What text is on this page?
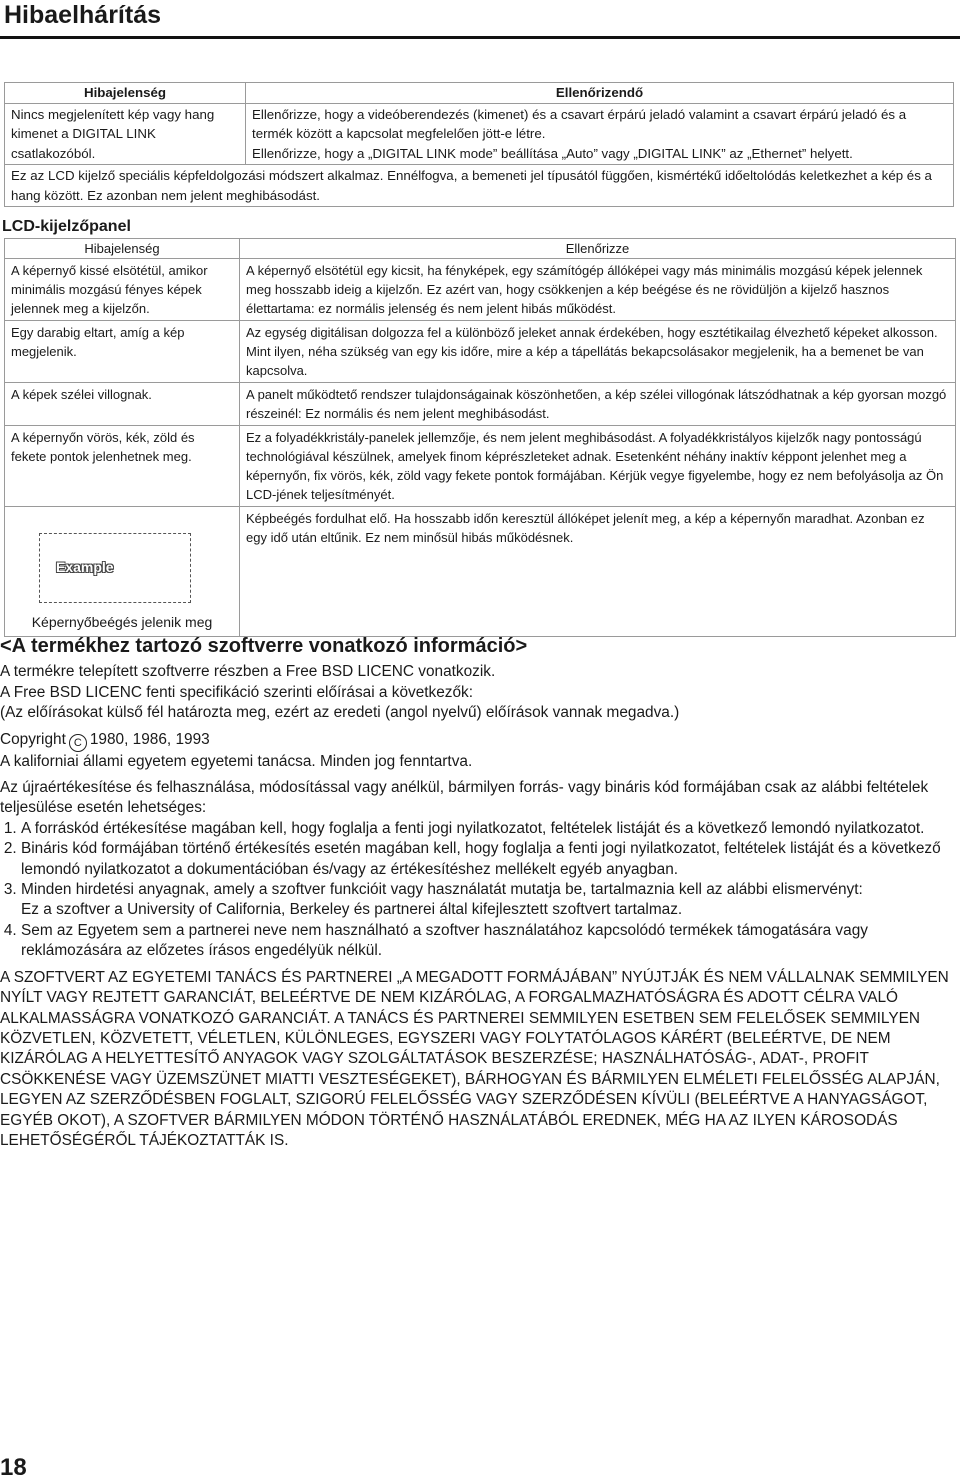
Hibaelhárítás
Hibajelenség	Ellenőrizendő
Nincs megjelenített kép vagy hang kimenet a DIGITAL LINK csatlakozóból.	Ellenőrizze, hogy a videóberendezés (kimenet) és a csavart érpárú jeladó valamint a csavart érpárú jeladó és a termék között a kapcsolat megfelelően jött-e létre.
Ellenőrizze, hogy a „DIGITAL LINK mode” beállítása „Auto” vagy „DIGITAL LINK” az „Ethernet” helyett.

Ez az LCD kijelző speciális képfeldolgozási módszert alkalmaz. Ennélfogva, a bemeneti jel típusától függően, kismértékű időeltolódás keletkezhet a kép és a hang között. Ez azonban nem jelent meghibásodást.	
LCD-kijelzőpanel
Hibajelenség	Ellenőrizze
A képernyő kissé elsötétül, amikor minimális mozgású fényes képek jelennek meg a kijelzőn.	A képernyő elsötétül egy kicsit, ha fényképek, egy számítógép állóképei vagy más minimális mozgású képek jelennek meg hosszabb ideig a kijelzőn. Ez azért van, hogy csökkenjen a kép beégése és ne rövidüljön a kijelző hasznos élettartama: ez normális jelenség és nem jelent hibás működést.
Egy darabig eltart, amíg a kép megjelenik.	Az egység digitálisan dolgozza fel a különböző jeleket annak érdekében, hogy esztétikailag élvezhető képeket alkosson. Mint ilyen, néha szükség van egy kis időre, mire a kép a tápellátás bekapcsolásakor megjelenik, ha a bemenet be van kapcsolva.
A képek szélei villognak.	A panelt működtető rendszer tulajdonságainak köszönhetően, a kép szélei villogónak látszódhatnak a kép gyorsan mozgó részeinél: Ez normális és nem jelent meghibásodást.
A képernyőn vörös, kék, zöld és fekete pontok jelenhetnek meg.	Ez a folyadékkristály-panelek jellemzője, és nem jelent meghibásodást. A folyadékkristályos kijelzők nagy pontosságú technológiával készülnek, amelyek finom képrészleteket adnak. Esetenként néhány inaktív képpont jelenhet meg a képernyőn, fix vörös, kék, zöld vagy fekete pontok formájában. Kérjük vegye figyelembe, hogy ez nem befolyásolja az Ön LCD-jének teljesítményét.

Example
Képernyőbeégés jelenik meg	Képbeégés fordulhat elő. Ha hosszabb időn keresztül állóképet jelenít meg, a kép a képernyőn maradhat. Azonban ez egy idő után eltűnik. Ez nem minősül hibás működésnek.
<A termékhez tartozó szoftverre vonatkozó információ>

A termékre telepített szoftverre részben a Free BSD LICENC vonatkozik.

A Free BSD LICENC fenti specifikáció szerinti előírásai a következők:

(Az előírásokat külső fél határozta meg, ezért az eredeti (angol nyelvű) előírások vannak megadva.)

Copyright C 1980, 1986, 1993

A kaliforniai állami egyetem egyetemi tanácsa. Minden jog fenntartva.

Az újraértékesítése és felhasználása, módosítással vagy anélkül, bármilyen forrás- vagy bináris kód formájában csak az alábbi feltételek teljesülése esetén lehetséges:

1. A forráskód értékesítése magában kell, hogy foglalja a fenti jogi nyilatkozatot, feltételek listáját és a következő lemondó nyilatkozatot.
2. Bináris kód formájában történő értékesítés esetén magában kell, hogy foglalja a fenti jogi nyilatkozatot, feltételek listáját és a következő lemondó nyilatkozatot a dokumentációban és/vagy az értékesítéshez mellékelt egyéb anyagban.
3. Minden hirdetési anyagnak, amely a szoftver funkcióit vagy használatát mutatja be, tartalmaznia kell az alábbi elismervényt:
Ez a szoftver a University of California, Berkeley és partnerei által kifejlesztett szoftvert tartalmaz.
4. Sem az Egyetem sem a partnerei neve nem használható a szoftver használatához kapcsolódó termékek támogatására vagy reklámozására az előzetes írásos engedélyük nélkül.

A SZOFTVERT AZ EGYETEMI TANÁCS ÉS PARTNEREI „A MEGADOTT FORMÁJÁBAN” NYÚJTJÁK ÉS NEM VÁLLALNAK SEMMILYEN NYÍLT VAGY REJTETT GARANCIÁT, BELEÉRTVE DE NEM KIZÁRÓLAG, A FORGALMAZHATÓSÁGRA ÉS ADOTT CÉLRA VALÓ ALKALMASSÁGRA VONATKOZÓ GARANCIÁT. A TANÁCS ÉS PARTNEREI SEMMILYEN ESETBEN SEM FELELŐSEK SEMMILYEN KÖZVETLEN, KÖZVETETT, VÉLETLEN, KÜLÖNLEGES, EGYSZERI VAGY FOLYTATÓLAGOS KÁRÉRT (BELEÉRTVE, DE NEM KIZÁRÓLAG A HELYETTESÍTŐ ANYAGOK VAGY SZOLGÁLTATÁSOK BESZERZÉSE; HASZNÁLHATÓSÁG-, ADAT-, PROFIT CSÖKKENÉSE VAGY ÜZEMSZÜNET MIATTI VESZTESÉGEKET), BÁRHOGYAN ÉS BÁRMILYEN ELMÉLETI FELELŐSSÉG ALAPJÁN, LEGYEN AZ SZERZŐDÉSBEN FOGLALT, SZIGORÚ FELELŐSSÉG VAGY SZERZŐDÉSEN KÍVÜLI (BELEÉRTVE A HANYAGSÁGOT, EGYÉB OKOT), A SZOFTVER BÁRMILYEN MÓDON TÖRTÉNŐ HASZNÁLATÁBÓL EREDNEK, MÉG HA AZ ILYEN KÁROSODÁS LEHETŐSÉGÉRŐL TÁJÉKOZTATTÁK IS.

18
